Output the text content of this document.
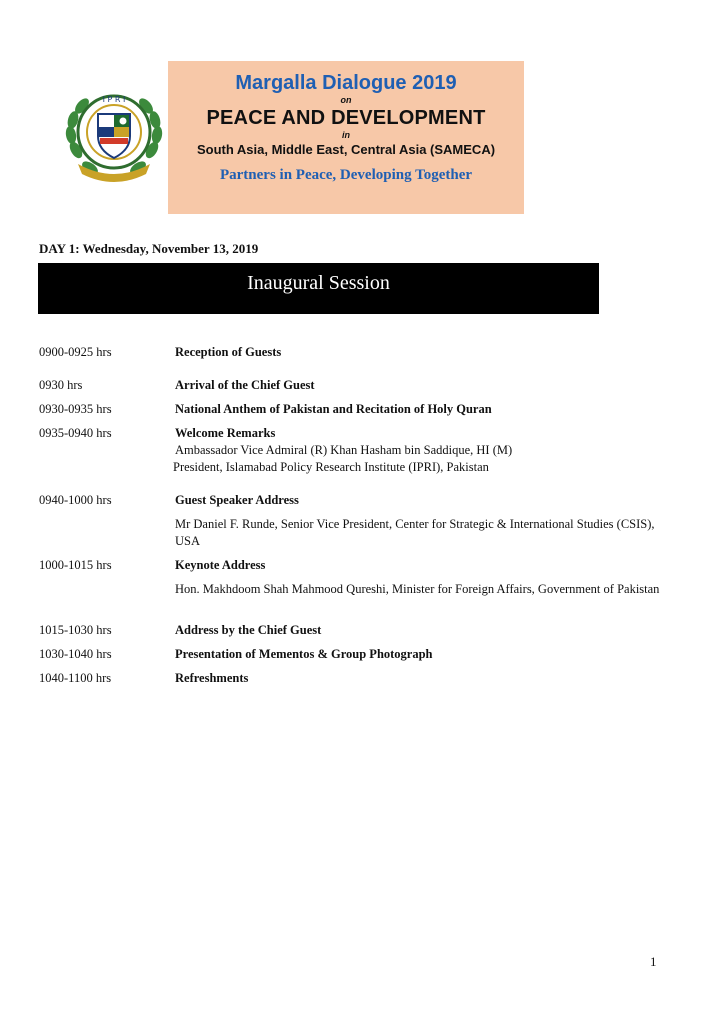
I P R I
Margalla Dialogue 2019
on
PEACE AND DEVELOPMENT
in
South Asia, Middle East, Central Asia (SAMECA)
Partners in Peace, Developing Together
DAY 1: Wednesday, November 13, 2019
Inaugural Session
0900-0925 hrs	Reception of Guests
0930 hrs	Arrival of the Chief Guest
0930-0935 hrs	National Anthem of Pakistan and Recitation of Holy Quran
0935-0940 hrs	Welcome Remarks
Ambassador Vice Admiral (R) Khan Hasham bin Saddique, HI (M)
President, Islamabad Policy Research Institute (IPRI), Pakistan
0940-1000 hrs	Guest Speaker Address
Mr Daniel F. Runde, Senior Vice President, Center for Strategic & International Studies (CSIS), USA
1000-1015 hrs	Keynote Address
Hon. Makhdoom Shah Mahmood Qureshi, Minister for Foreign Affairs, Government of Pakistan
1015-1030 hrs	Address by the Chief Guest
1030-1040 hrs	Presentation of Mementos & Group Photograph
1040-1100 hrs	Refreshments
1
